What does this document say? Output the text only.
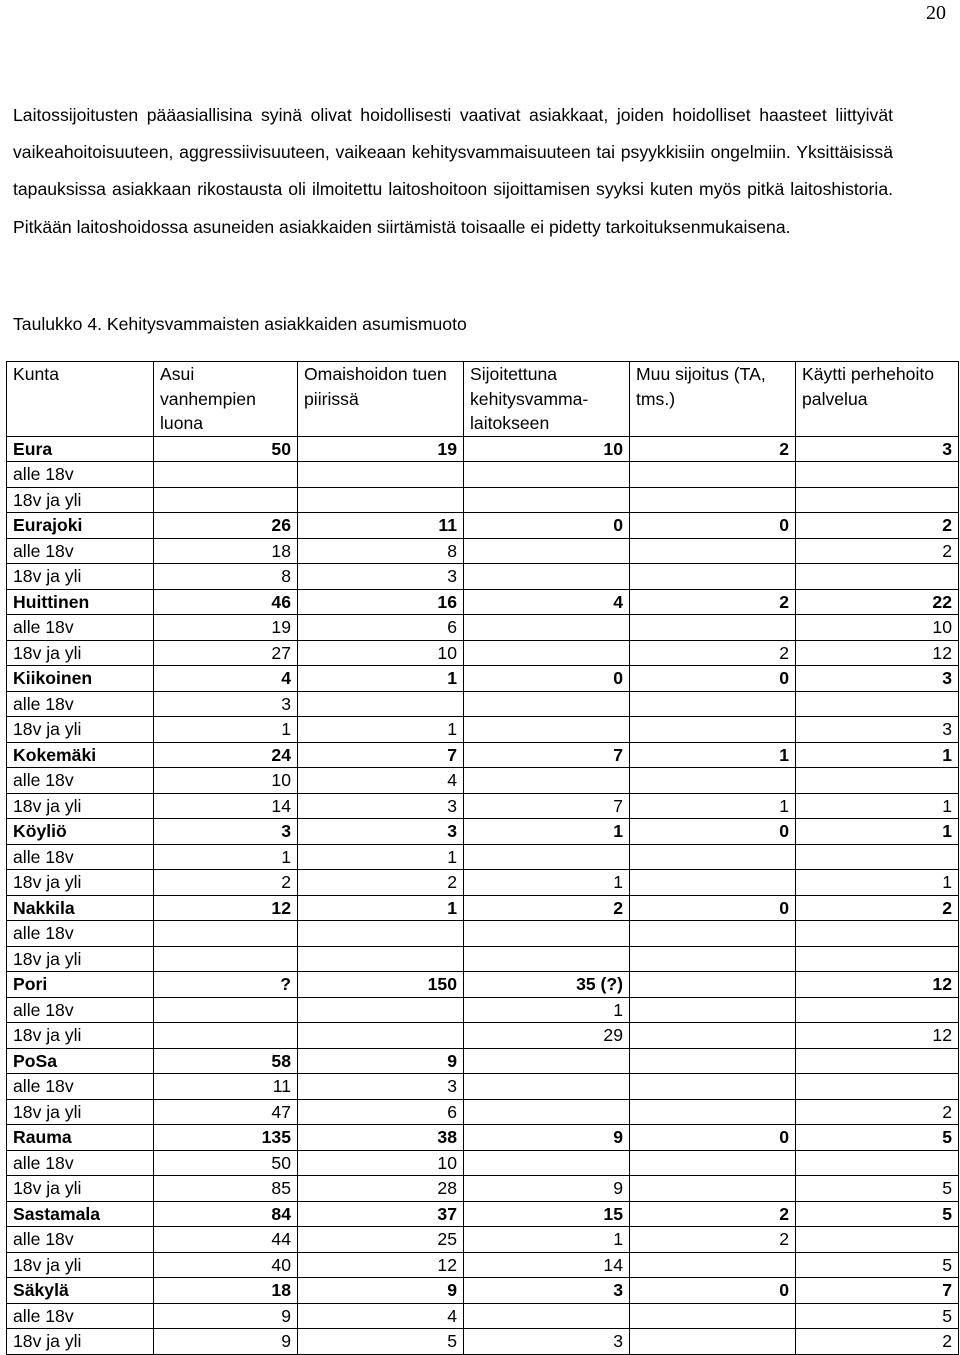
20

Laitossijoitusten pääasiallisina syinä olivat hoidollisesti vaativat asiakkaat, joiden hoidolliset haasteet liittyivät vaikeahoitoisuuteen, aggressiivisuuteen, vaikeaan kehitysvammaisuuteen tai psyykkisiin ongelmiin. Yksittäisissä tapauksissa asiakkaan rikostausta oli ilmoitettu laitoshoitoon sijoittamisen syyksi kuten myös pitkä laitoshistoria. Pitkään laitoshoidossa asuneiden asiakkaiden siirtämistä toisaalle ei pidetty tarkoituksenmukaisena.

Taulukko 4. Kehitysvammaisten asiakkaiden asumismuoto
Kunta	Asui vanhempien luona	Omaishoidon tuen piirissä	Sijoitettuna kehitysvamma-laitokseen	Muu sijoitus (TA, tms.)	Käytti perhehoito palvelua
Eura	50	19	10	2	3
alle 18v					
18v ja yli					
Eurajoki	26	11	0	0	2
alle 18v	18	8			2
18v ja yli	8	3			
Huittinen	46	16	4	2	22
alle 18v	19	6			10
18v ja yli	27	10		2	12
Kiikoinen	4	1	0	0	3
alle 18v	3				
18v ja yli	1	1			3
Kokemäki	24	7	7	1	1
alle 18v	10	4			
18v ja yli	14	3	7	1	1
Köyliö	3	3	1	0	1
alle 18v	1	1			
18v ja yli	2	2	1		1
Nakkila	12	1	2	0	2
alle 18v					
18v ja yli					
Pori	?	150	35 (?)		12
alle 18v			1		
18v ja yli			29		12
PoSa	58	9			
alle 18v	11	3			
18v ja yli	47	6			2
Rauma	135	38	9	0	5
alle 18v	50	10			
18v ja yli	85	28	9		5
Sastamala	84	37	15	2	5
alle 18v	44	25	1	2	
18v ja yli	40	12	14		5
Säkylä	18	9	3	0	7
alle 18v	9	4			5
18v ja yli	9	5	3		2
